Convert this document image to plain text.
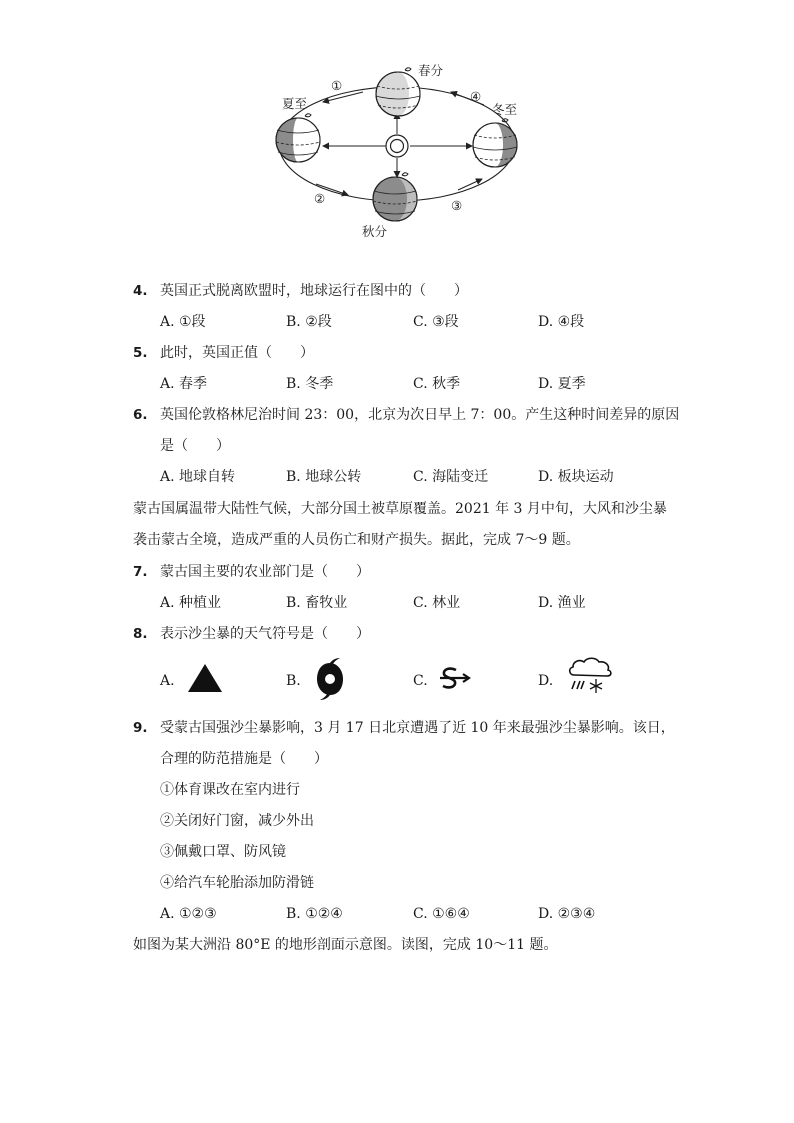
春分
夏至
秋分
冬至
①
②	③
④
4. 英国正式脱离欧盟时，地球运行在图中的（　　）
A. ①段	B. ②段	C. ③段	D. ④段
5. 此时，英国正值（　　）
A. 春季	B. 冬季	C. 秋季	D. 夏季
6. 英国伦敦格林尼治时间 23：00，北京为次日早上 7：00。产生这种时间差异的原因
是（　　）
A. 地球自转	B. 地球公转	C. 海陆变迁	D. 板块运动
蒙古国属温带大陆性气候，大部分国土被草原覆盖。2021 年 3 月中旬，大风和沙尘暴
袭击蒙古全境，造成严重的人员伤亡和财产损失。据此，完成 7～9 题。
7. 蒙古国主要的农业部门是（　　）
A. 种植业	B. 畜牧业	C. 林业	D. 渔业
8. 表示沙尘暴的天气符号是（　　）
A.	B.	C.	D.
9. 受蒙古国强沙尘暴影响，3 月 17 日北京遭遇了近 10 年来最强沙尘暴影响。该日，
合理的防范措施是（　　）
①体育课改在室内进行
②关闭好门窗，减少外出
③佩戴口罩、防风镜
④给汽车轮胎添加防滑链
A. ①②③	B. ①②④	C. ①⑥④	D. ②③④
如图为某大洲沿 80°E 的地形剖面示意图。读图，完成 10～11 题。
